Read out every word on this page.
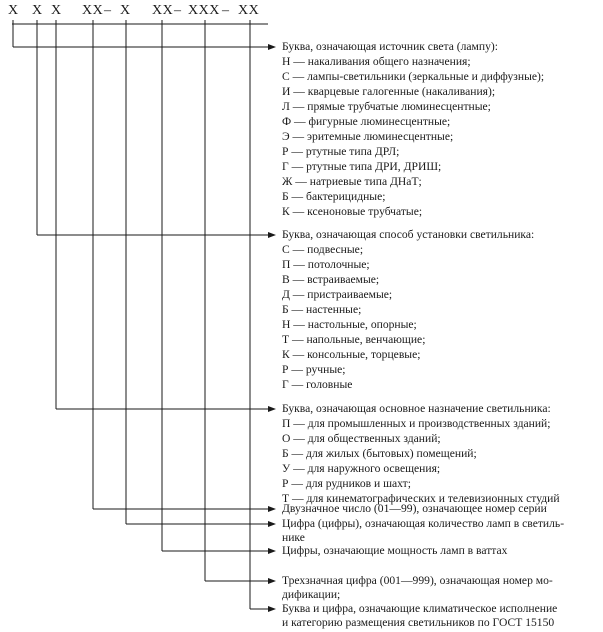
Х Х Х ХХ – Х ХХ – ХХХ – ХХ
Буква, означающая источник света (лампу):
Н — накаливания общего назначения;
С — лампы-светильники (зеркальные и диффузные);
И — кварцевые галогенные (накаливания);
Л — прямые трубчатые люминесцентные;
Ф — фигурные люминесцентные;
Э — эритемные люминесцентные;
Р — ртутные типа ДРЛ;
Г — ртутные типа ДРИ, ДРИШ;
Ж — натриевые типа ДНаТ;
Б — бактерицидные;
К — ксеноновые трубчатые;
Буква, означающая способ установки светильника:
С — подвесные;
П — потолочные;
В — встраиваемые;
Д — пристраиваемые;
Б — настенные;
Н — настольные, опорные;
Т — напольные, венчающие;
К — консольные, торцевые;
Р — ручные;
Г — головные
Буква, означающая основное назначение светильника:
П — для промышленных и производственных зданий;
О — для общественных зданий;
Б — для жилых (бытовых) помещений;
У — для наружного освещения;
Р — для рудников и шахт;
Т — для кинематографических и телевизионных студий
Двузначное число (01—99), означающее номер серии
Цифра (цифры), означающая количество ламп в светиль-
нике
Цифры, означающие мощность ламп в ваттах
Трехзначная цифра (001—999), означающая номер мо-
дификации;
Буква и цифра, означающие климатическое исполнение
и категорию размещения светильников по ГОСТ 15150
